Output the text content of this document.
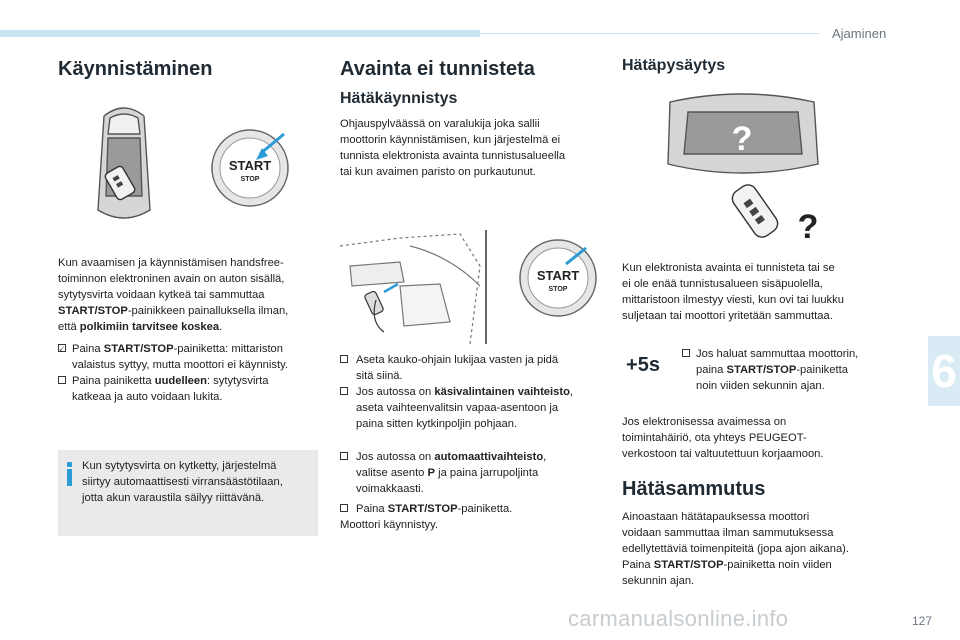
Ajaminen
6
Käynnistäminen
START
STOP
Kun avaamisen ja käynnistämisen handsfree-
toiminnon elektroninen avain on auton sisällä,
sytytysvirta voidaan kytkeä tai sammuttaa
START/STOP-painikkeen painalluksella ilman,
että polkimiin tarvitsee koskea.
🗸 Paina START/STOP-painiketta: mittariston
valaistus syttyy, mutta moottori ei käynnisty.
Paina painiketta uudelleen: sytytysvirta
katkeaa ja auto voidaan lukita.
Kun sytytysvirta on kytketty, järjestelmä
siirtyy automaattisesti virransäästötilaan,
jotta akun varaustila säilyy riittävänä.
Avainta ei tunnisteta
Hätäkäynnistys
Ohjauspylväässä on varalukija joka sallii
moottorin käynnistämisen, kun järjestelmä ei
tunnista elektronista avainta tunnistusalueella
tai kun avaimen paristo on purkautunut.
START
STOP
Aseta kauko-ohjain lukijaa vasten ja pidä
sitä siinä.
Jos autossa on käsivalintainen vaihteisto,
aseta vaihteenvalitsin vapaa-asentoon ja
paina sitten kytkinpoljin pohjaan.
Jos autossa on automaattivaihteisto,
valitse asento P ja paina jarrupoljinta
voimakkaasti.
Paina START/STOP-painiketta.
Moottori käynnistyy.
Hätäpysäytys
?
?
Kun elektronista avainta ei tunnisteta tai se
ei ole enää tunnistusalueen sisäpuolella,
mittaristoon ilmestyy viesti, kun ovi tai luukku
suljetaan tai moottori yritetään sammuttaa.
+5s	Jos haluat sammuttaa moottorin,
paina START/STOP-painiketta
noin viiden sekunnin ajan.
Jos elektronisessa avaimessa on
toimintahäiriö, ota yhteys PEUGEOT-
verkostoon tai valtuutettuun korjaamoon.
Hätäsammutus
Ainoastaan hätätapauksessa moottori
voidaan sammuttaa ilman sammutuksessa
edellytettäviä toimenpiteitä (jopa ajon aikana).
Paina START/STOP-painiketta noin viiden
sekunnin ajan.
carmanualsonline.info	127
